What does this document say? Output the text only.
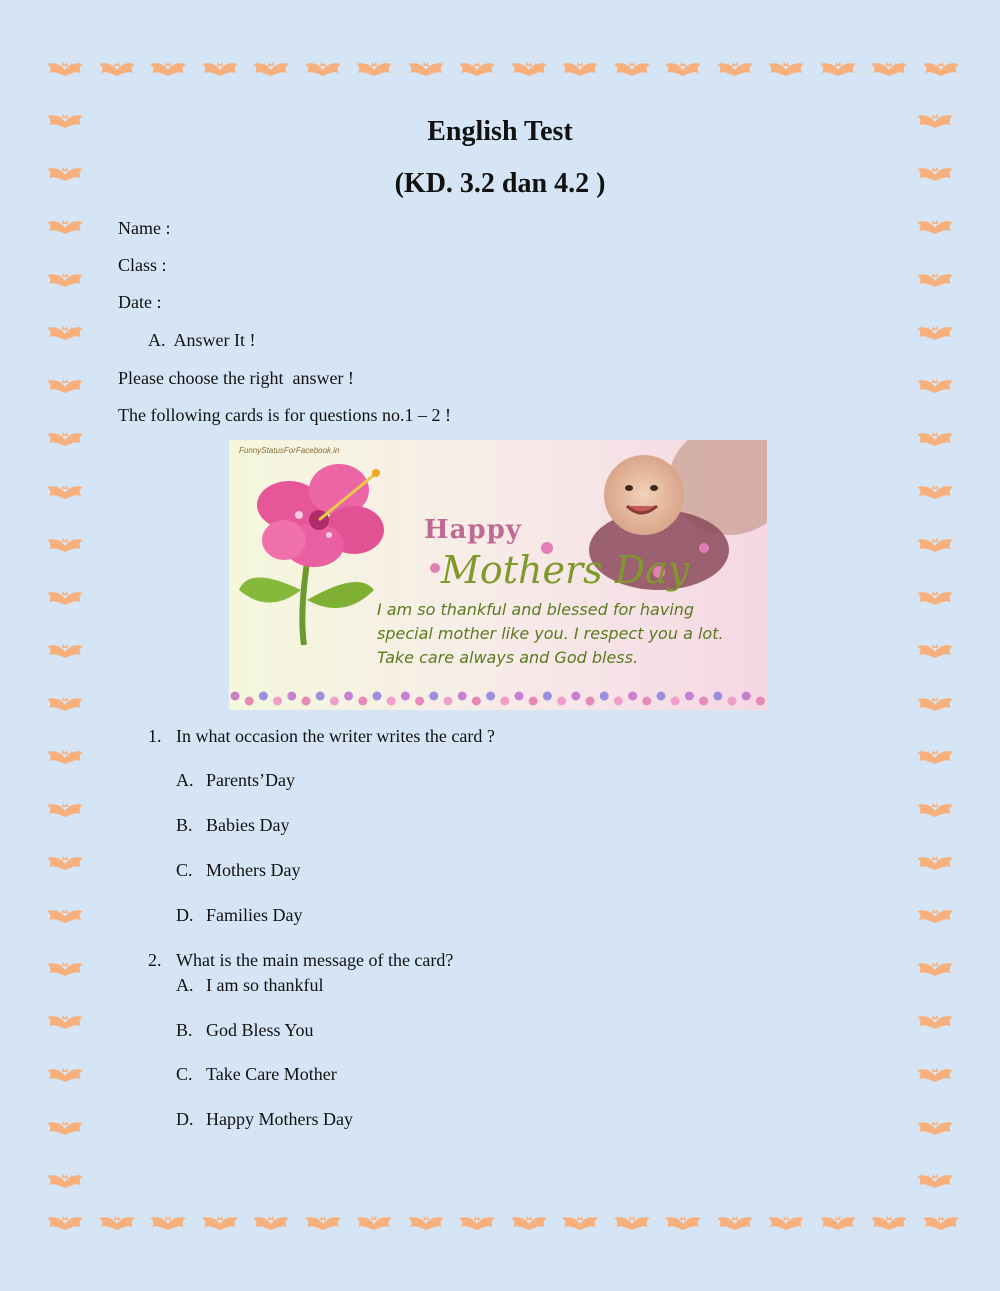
English Test
(KD. 3.2 dan 4.2 )
Name :
Class :
Date :
A.  Answer It !
Please choose the right  answer !
The following cards is for questions no.1 – 2 !
FunnyStatusForFacebook.in
Happy
Mothers Day
I am so thankful and blessed for having
special mother like you. I respect you a lot.
Take care always and God bless.
1. In what occasion the writer writes the card ?
A. Parents’Day
B. Babies Day
C. Mothers Day
D. Families Day
2. What is the main message of the card?
A. I am so thankful
B. God Bless You
C. Take Care Mother
D. Happy Mothers Day
